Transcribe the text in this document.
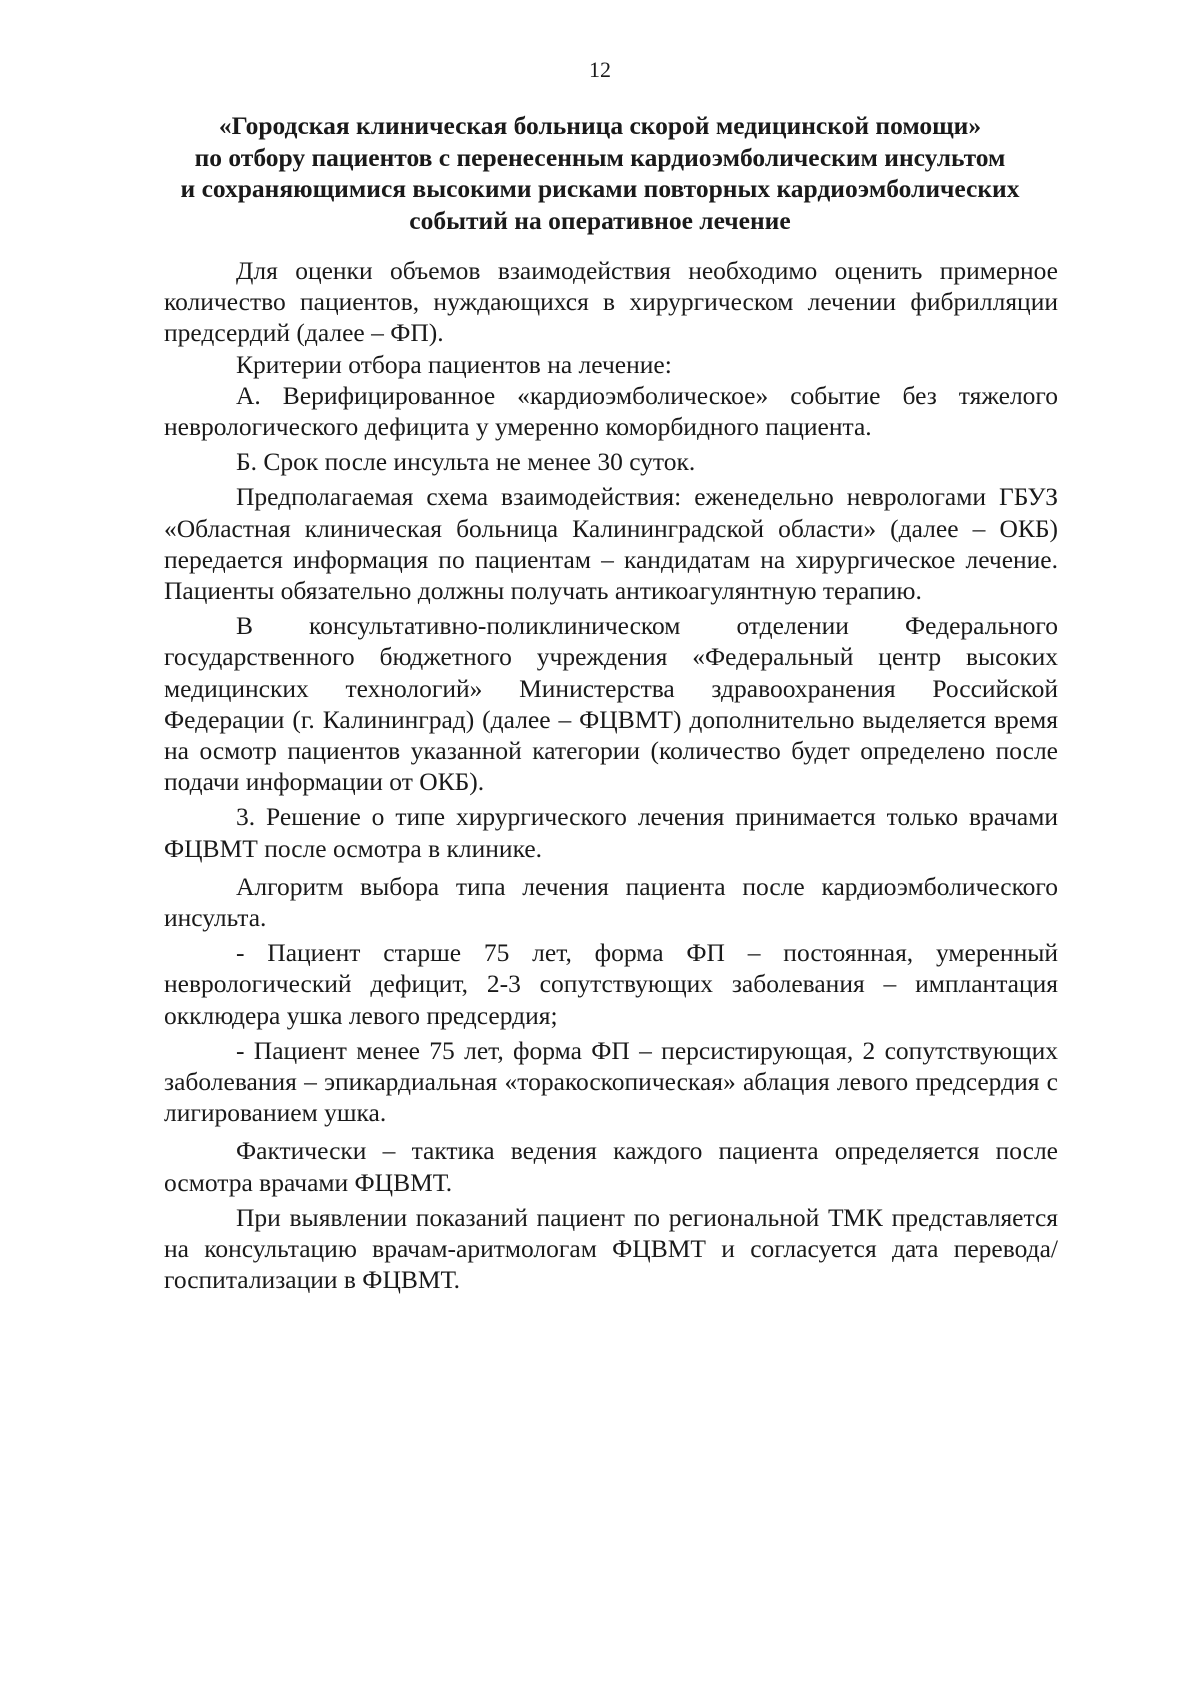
12
«Городская клиническая больница скорой медицинской помощи»
по отбору пациентов с перенесенным кардиоэмболическим инсультом
и сохраняющимися высокими рисками повторных кардиоэмболических
событий на оперативное лечение

Для оценки объемов взаимодействия необходимо оценить примерное количество пациентов, нуждающихся в хирургическом лечении фибрилляции предсердий (далее – ФП).

Критерии отбора пациентов на лечение:

А. Верифицированное «кардиоэмболическое» событие без тяжелого неврологического дефицита у умеренно коморбидного пациента.

Б. Срок после инсульта не менее 30 суток.

Предполагаемая схема взаимодействия: еженедельно неврологами ГБУЗ «Областная клиническая больница Калининградской области» (далее – ОКБ) передается информация по пациентам – кандидатам на хирургическое лечение. Пациенты обязательно должны получать антикоагулянтную терапию.

В консультативно-поликлиническом отделении Федерального государственного бюджетного учреждения «Федеральный центр высоких медицинских технологий» Министерства здравоохранения Российской Федерации (г. Калининград) (далее – ФЦВМТ) дополнительно выделяется время на осмотр пациентов указанной категории (количество будет определено после подачи информации от ОКБ).

3. Решение о типе хирургического лечения принимается только врачами ФЦВМТ после осмотра в клинике.

Алгоритм выбора типа лечения пациента после кардиоэмболического инсульта.

- Пациент старше 75 лет, форма ФП – постоянная, умеренный неврологический дефицит, 2-3 сопутствующих заболевания – имплантация окклюдера ушка левого предсердия;

- Пациент менее 75 лет, форма ФП – персистирующая, 2 сопутствующих заболевания – эпикардиальная «торакоскопическая» аблация левого предсердия с лигированием ушка.

Фактически – тактика ведения каждого пациента определяется после осмотра врачами ФЦВМТ.

При выявлении показаний пациент по региональной ТМК представляется на консультацию врачам-аритмологам ФЦВМТ и согласуется дата перевода/госпитализации в ФЦВМТ.
